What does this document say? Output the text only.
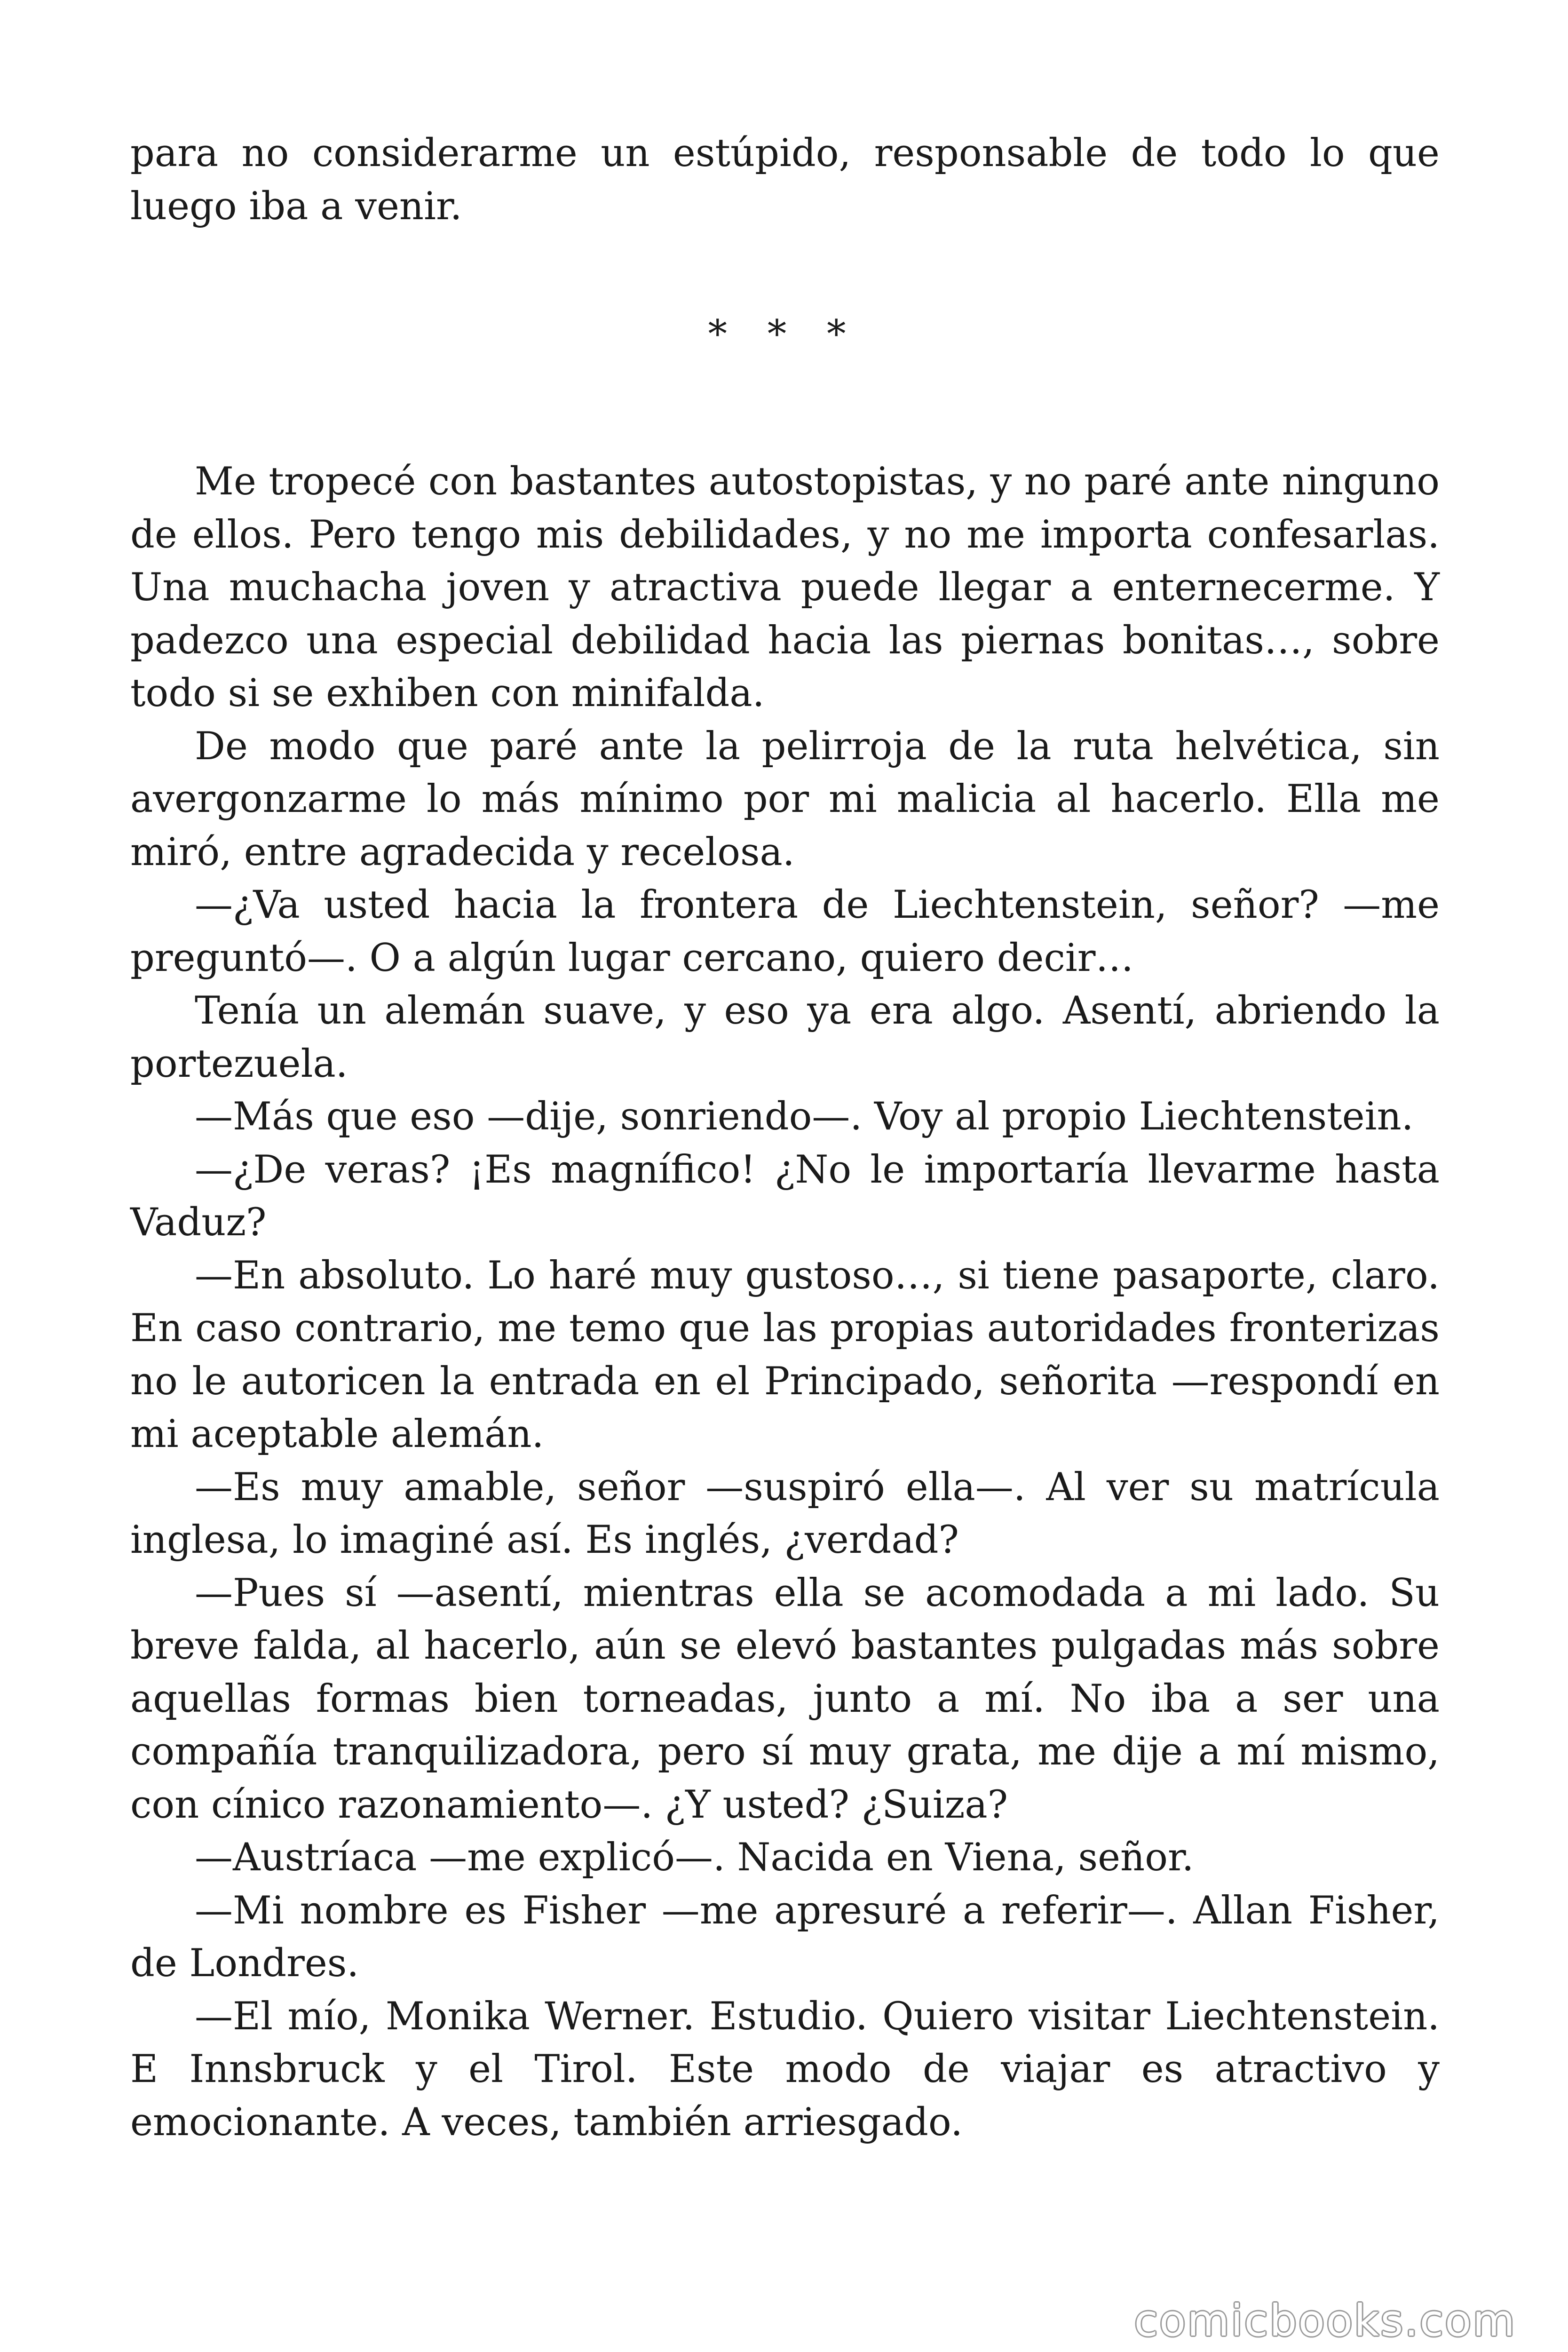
para no considerarme un estúpido, responsable de todo lo que luego iba a venir.

* * *

Me tropecé con bastantes autostopistas, y no paré ante ninguno de ellos. Pero tengo mis debilidades, y no me importa confesarlas. Una muchacha joven y atractiva puede llegar a enternecerme. Y padezco una especial debilidad hacia las piernas bonitas…, sobre todo si se exhiben con minifalda.

De modo que paré ante la pelirroja de la ruta helvética, sin avergonzarme lo más mínimo por mi malicia al hacerlo. Ella me miró, entre agradecida y recelosa.

—¿Va usted hacia la frontera de Liechtenstein, señor? —me preguntó—. O a algún lugar cercano, quiero decir…

Tenía un alemán suave, y eso ya era algo. Asentí, abriendo la portezuela.

—Más que eso —dije, sonriendo—. Voy al propio Liechtenstein.

—¿De veras? ¡Es magnífico! ¿No le importaría llevarme hasta Vaduz?

—En absoluto. Lo haré muy gustoso…, si tiene pasaporte, claro. En caso contrario, me temo que las propias autoridades fronterizas no le autoricen la entrada en el Principado, señorita —respondí en mi aceptable alemán.

—Es muy amable, señor —suspiró ella—. Al ver su matrícula inglesa, lo imaginé así. Es inglés, ¿verdad?

—Pues sí —asentí, mientras ella se acomodada a mi lado. Su breve falda, al hacerlo, aún se elevó bastantes pulgadas más sobre aquellas formas bien torneadas, junto a mí. No iba a ser una compañía tranquilizadora, pero sí muy grata, me dije a mí mismo, con cínico razonamiento—. ¿Y usted? ¿Suiza?

—Austríaca —me explicó—. Nacida en Viena, señor.

—Mi nombre es Fisher —me apresuré a referir—. Allan Fisher, de Londres.

—El mío, Monika Werner. Estudio. Quiero visitar Liechtenstein. E Innsbruck y el Tirol. Este modo de viajar es atractivo y emocionante. A veces, también arriesgado.

comicbooks.com
